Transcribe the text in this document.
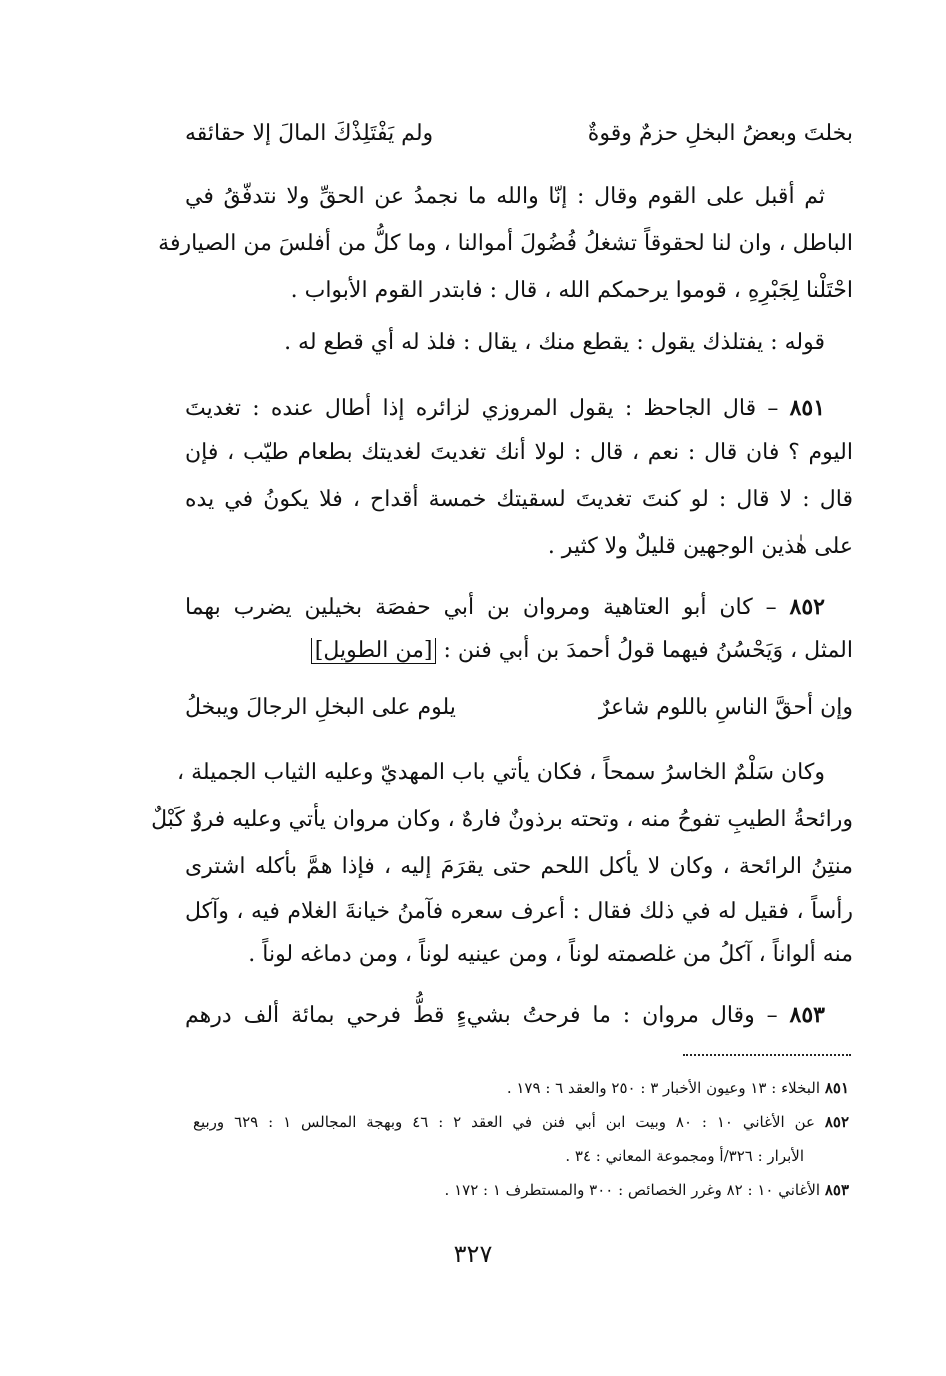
بخلتَ وبعضُ البخلِ حزمٌ وقوةٌ
ولم يَفْتَلِذْكَ المالَ إلا حقائقه
ثم أقبل على القوم وقال : إنّا والله ما نجمدُ عن الحقِّ ولا نتدفّقُ في
الباطل ، وان لنا لحقوقاً تشغلُ فُضُولَ أموالنا ، وما كلُّ من أفلسَ من الصيارفة
احْتَلْنا لِجَبْرِهِ ، قوموا يرحمكم الله ، قال : فابتدر القوم الأبواب .
قوله : يفتلذك يقول : يقطع منك ، يقال : فلذ له أي قطع له .
٨٥١ – قال الجاحظ : يقول المروزي لزائره إذا أطال عنده : تغديتَ
اليوم ؟ فان قال : نعم ، قال : لولا أنك تغديتَ لغديتك بطعام طيّب ، فإن
قال : لا قال : لو كنتَ تغديتَ لسقيتك خمسة أقداح ، فلا يكونُ في يده
على هٰذين الوجهين قليلٌ ولا كثير .
٨٥٢ – كان أبو العتاهية ومروان بن أبي حفصَة بخيلين يضرب بهما
المثل ، وَيَحْسُنُ فيهما قولُ أحمدَ بن أبي فنن : [من الطويل]
وإن أحقَّ الناسِ باللوم شاعرٌ
يلوم على البخلِ الرجالَ ويبخلُ
وكان سَلْمٌ الخاسرُ سمحاً ، فكان يأتي باب المهديّ وعليه الثياب الجميلة ،
ورائحةُ الطيبِ تفوحُ منه ، وتحته برذونٌ فارهٌ ، وكان مروان يأتي وعليه فروٌ كَبْلٌ
منتِنُ الرائحة ، وكان لا يأكل اللحم حتى يقرَمَ إليه ، فإذا همَّ بأكله اشترى
رأساً ، فقيل له في ذلك فقال : أعرف سعره فآمنُ خيانةَ الغلام فيه ، وآكل
منه ألواناً ، آكلُ من غلصمته لوناً ، ومن عينيه لوناً ، ومن دماغه لوناً .
٨٥٣ – وقال مروان : ما فرحتُ بشيءٍ قطُّ فرحي بمائة ألف درهم
٨٥١ البخلاء : ١٣ وعيون الأخبار ٣ : ٢٥٠ والعقد ٦ : ١٧٩ .
٨٥٢ عن الأغاني ١٠ : ٨٠ وبيت ابن أبي فنن في العقد ٢ : ٤٦ وبهجة المجالس ١ : ٦٢٩ وربيع
الأبرار : ٣٢٦/أ ومجموعة المعاني : ٣٤ .
٨٥٣ الأغاني ١٠ : ٨٢ وغرر الخصائص : ٣٠٠ والمستطرف ١ : ١٧٢ .
٣٢٧
